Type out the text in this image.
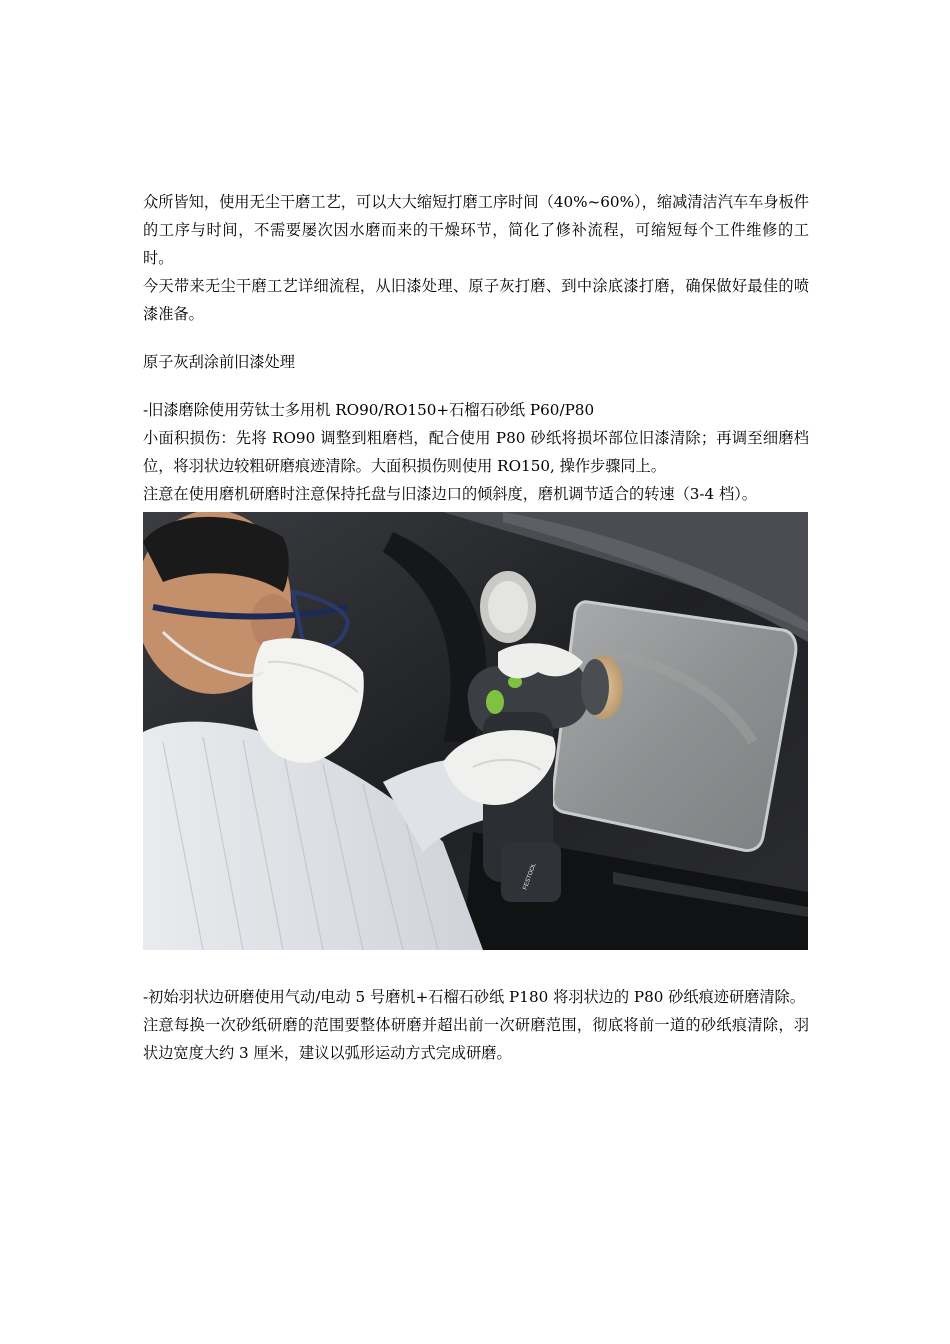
众所皆知，使用无尘干磨工艺，可以大大缩短打磨工序时间（40%~60%），缩减清洁汽车车身板件的工序与时间，不需要屡次因水磨而来的干燥环节，简化了修补流程，可缩短每个工件维修的工时。

今天带来无尘干磨工艺详细流程，从旧漆处理、原子灰打磨、到中涂底漆打磨，确保做好最佳的喷漆准备。

原子灰刮涂前旧漆处理

-旧漆磨除使用劳钛士多用机 RO90/RO150+石榴石砂纸 P60/P80

小面积损伤：先将 RO90 调整到粗磨档，配合使用 P80 砂纸将损坏部位旧漆清除；再调至细磨档位，将羽状边较粗研磨痕迹清除。大面积损伤则使用 RO150, 操作步骤同上。

注意在使用磨机研磨时注意保持托盘与旧漆边口的倾斜度，磨机调节适合的转速（3-4 档）。

FESTOOL

-初始羽状边研磨使用气动/电动 5 号磨机+石榴石砂纸 P180 将羽状边的 P80 砂纸痕迹研磨清除。

注意每换一次砂纸研磨的范围要整体研磨并超出前一次研磨范围，彻底将前一道的砂纸痕清除，羽状边宽度大约 3 厘米，建议以弧形运动方式完成研磨。
